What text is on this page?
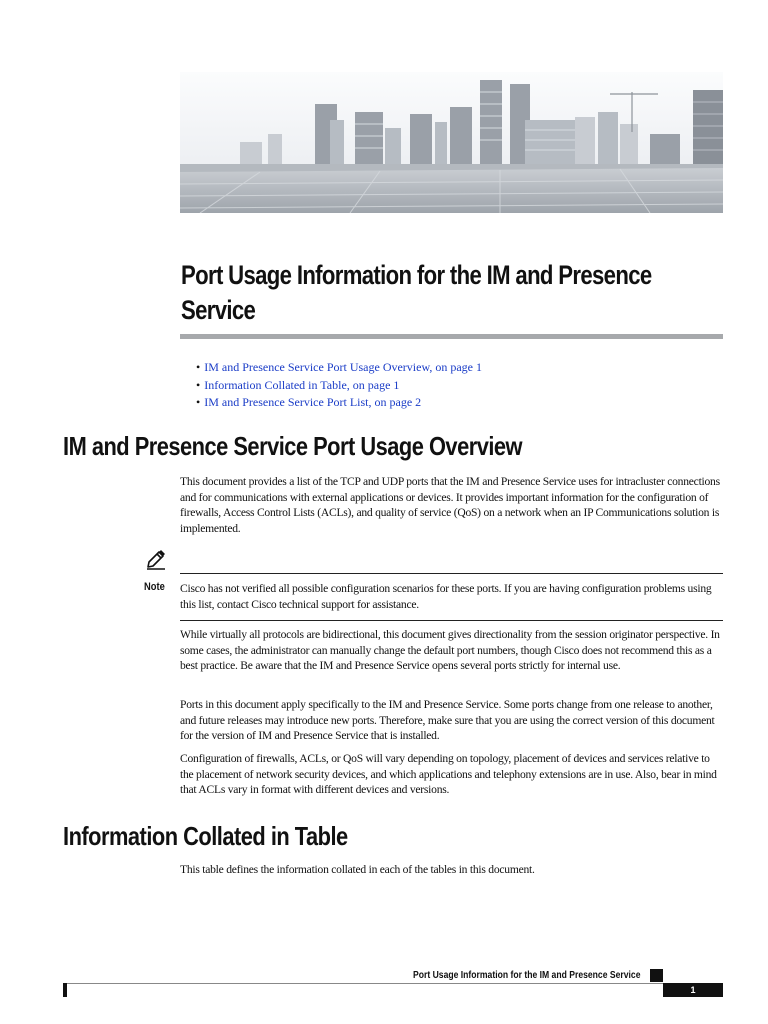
Port Usage Information for the IM and Presence Service
• IM and Presence Service Port Usage Overview, on page 1
• Information Collated in Table, on page 1
• IM and Presence Service Port List, on page 2
IM and Presence Service Port Usage Overview

This document provides a list of the TCP and UDP ports that the IM and Presence Service uses for intracluster connections and for communications with external applications or devices. It provides important information for the configuration of firewalls, Access Control Lists (ACLs), and quality of service (QoS) on a network when an IP Communications solution is implemented.

Note Cisco has not verified all possible configuration scenarios for these ports. If you are having configuration problems using this list, contact Cisco technical support for assistance.

While virtually all protocols are bidirectional, this document gives directionality from the session originator perspective. In some cases, the administrator can manually change the default port numbers, though Cisco does not recommend this as a best practice. Be aware that the IM and Presence Service opens several ports strictly for internal use.

Ports in this document apply specifically to the IM and Presence Service. Some ports change from one release to another, and future releases may introduce new ports. Therefore, make sure that you are using the correct version of this document for the version of IM and Presence Service that is installed.

Configuration of firewalls, ACLs, or QoS will vary depending on topology, placement of devices and services relative to the placement of network security devices, and which applications and telephony extensions are in use. Also, bear in mind that ACLs vary in format with different devices and versions.

Information Collated in Table

This table defines the information collated in each of the tables in this document.

Port Usage Information for the IM and Presence Service
1
